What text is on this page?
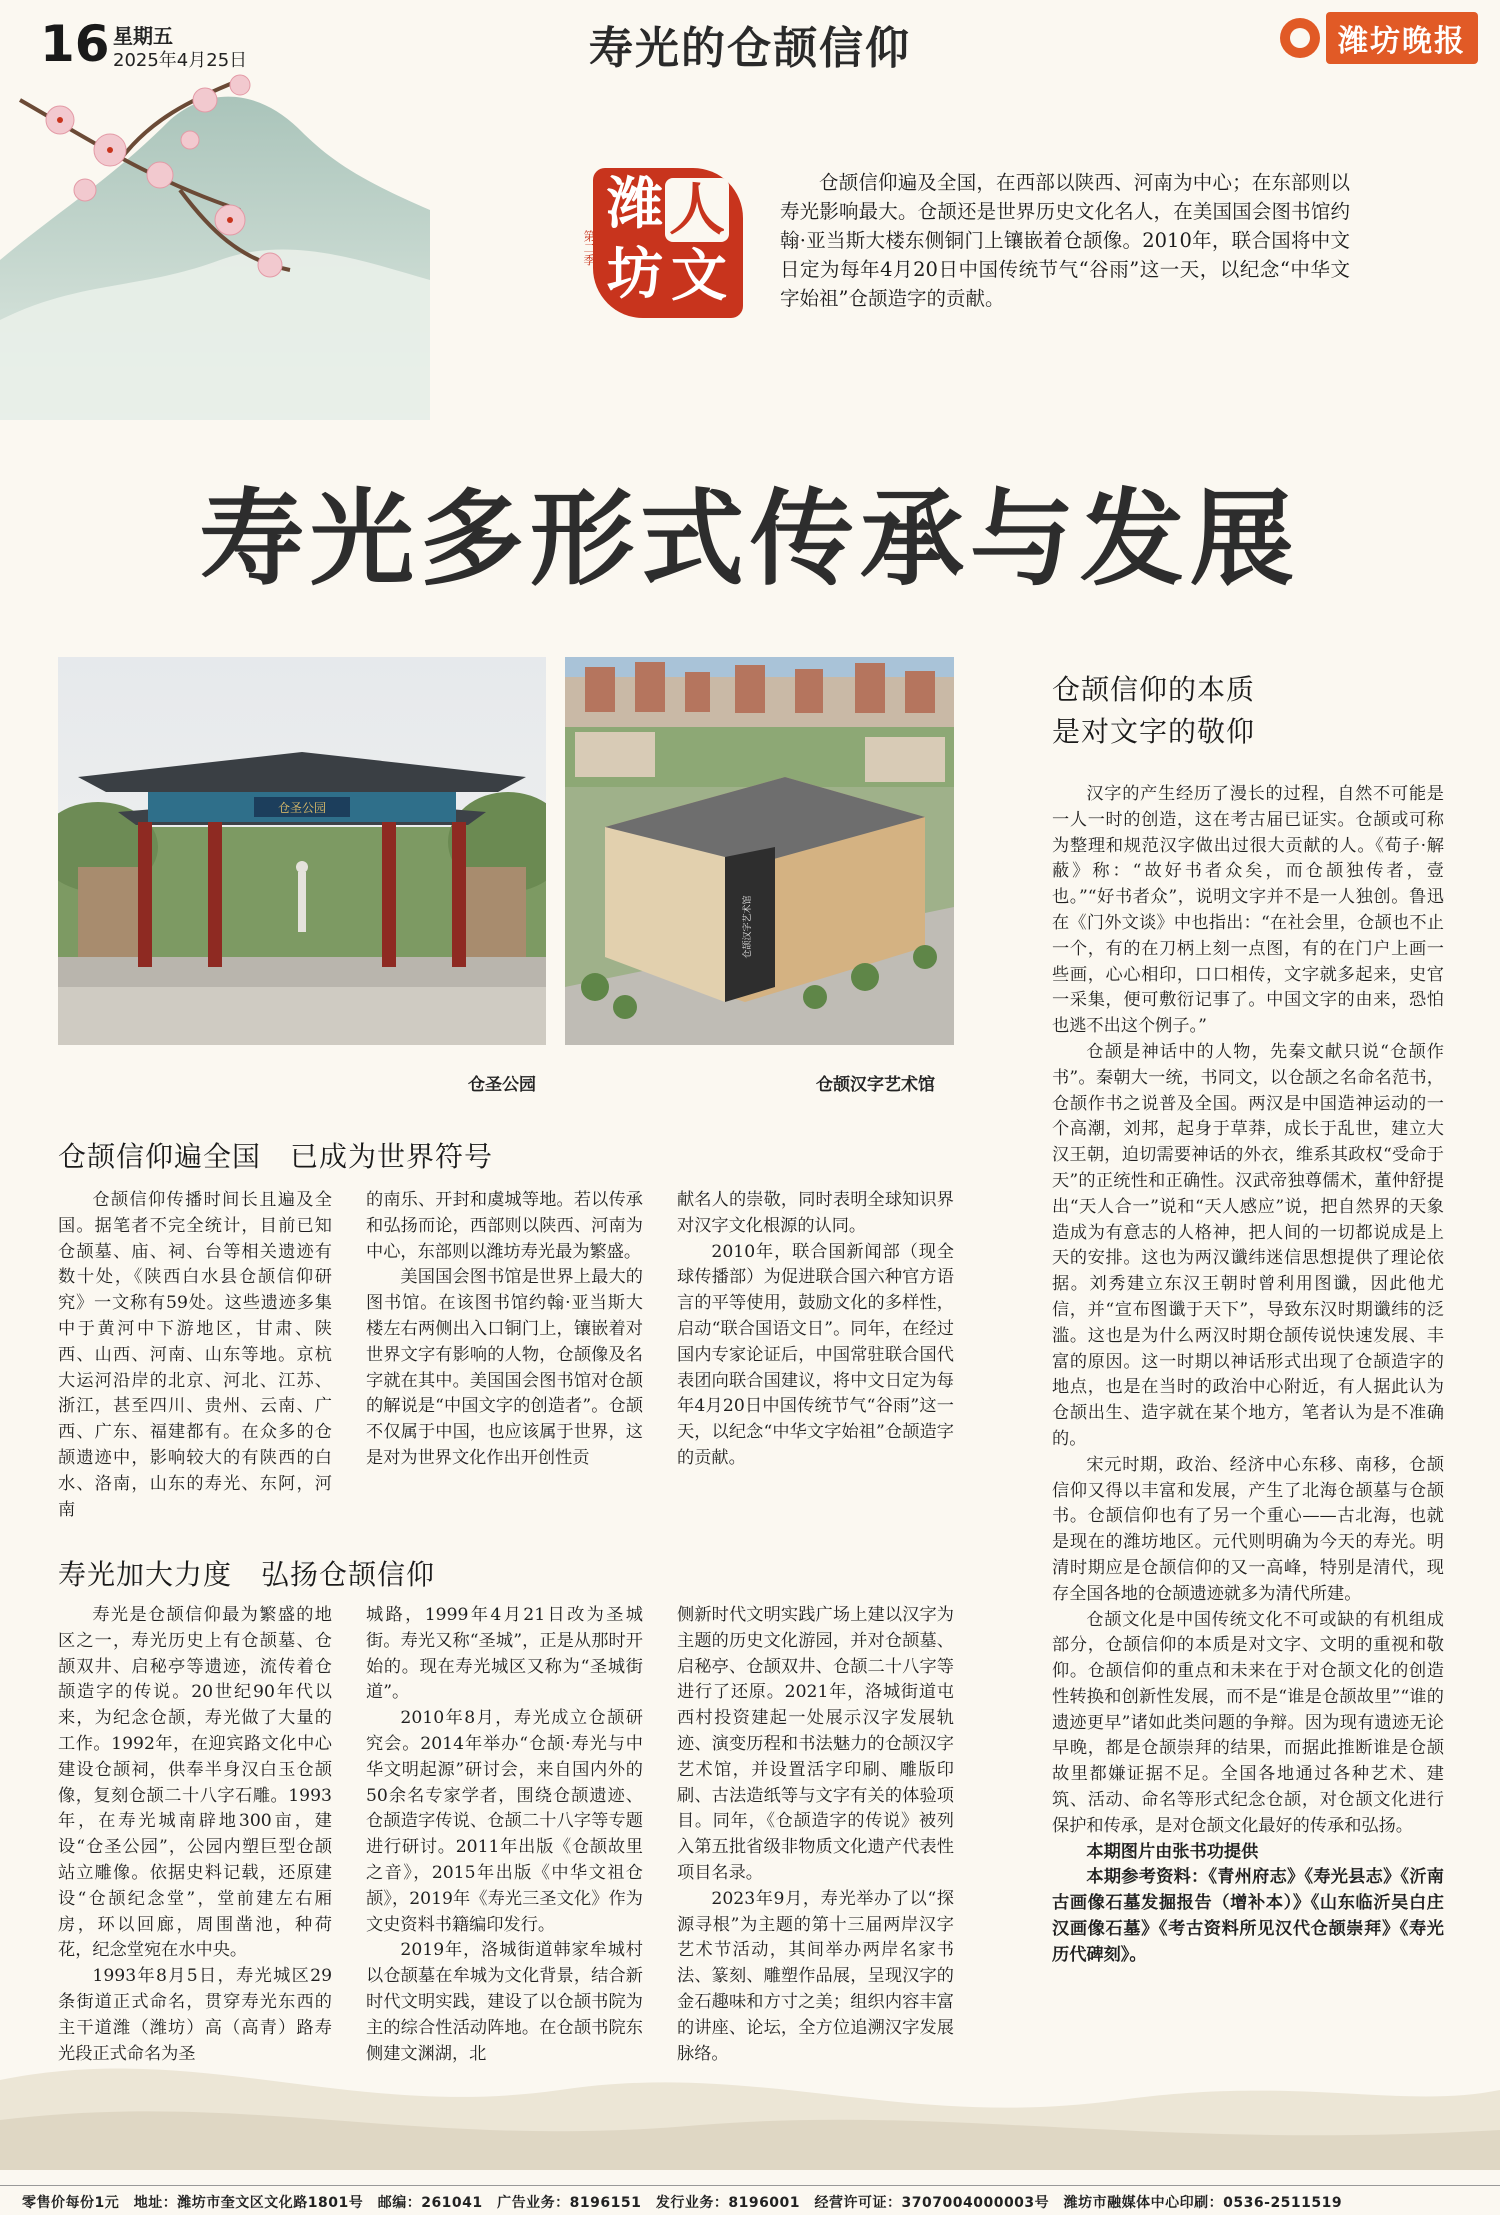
16 星期五
2025年4月25日	寿光的仓颉信仰	潍坊晚报
潍 人
坊 文
第二季
仓颉信仰遍及全国，在西部以陕西、河南为中心；在东部则以寿光影响最大。仓颉还是世界历史文化名人，在美国国会图书馆约翰·亚当斯大楼东侧铜门上镶嵌着仓颉像。2010年，联合国将中文日定为每年4月20日中国传统节气“谷雨”这一天，以纪念“中华文字始祖”仓颉造字的贡献。
寿光多形式传承与发展
仓圣公园
仓颉汉字艺术馆
仓圣公园	仓颉汉字艺术馆
仓颉信仰遍全国　已成为世界符号

仓颉信仰传播时间长且遍及全国。据笔者不完全统计，目前已知仓颉墓、庙、祠、台等相关遗迹有数十处，《陕西白水县仓颉信仰研究》一文称有59处。这些遗迹多集中于黄河中下游地区，甘肃、陕西、山西、河南、山东等地。京杭大运河沿岸的北京、河北、江苏、浙江，甚至四川、贵州、云南、广西、广东、福建都有。在众多的仓颉遗迹中，影响较大的有陕西的白水、洛南，山东的寿光、东阿，河南

的南乐、开封和虞城等地。若以传承和弘扬而论，西部则以陕西、河南为中心，东部则以潍坊寿光最为繁盛。

美国国会图书馆是世界上最大的图书馆。在该图书馆约翰·亚当斯大楼左右两侧出入口铜门上，镶嵌着对世界文字有影响的人物，仓颉像及名字就在其中。美国国会图书馆对仓颉的解说是“中国文字的创造者”。仓颉不仅属于中国，也应该属于世界，这是对为世界文化作出开创性贡

献名人的崇敬，同时表明全球知识界对汉字文化根源的认同。

2010年，联合国新闻部（现全球传播部）为促进联合国六种官方语言的平等使用，鼓励文化的多样性，启动“联合国语文日”。同年，在经过国内专家论证后，中国常驻联合国代表团向联合国建议，将中文日定为每年4月20日中国传统节气“谷雨”这一天，以纪念“中华文字始祖”仓颉造字的贡献。

寿光加大力度　弘扬仓颉信仰

寿光是仓颉信仰最为繁盛的地区之一，寿光历史上有仓颉墓、仓颉双井、启秘亭等遗迹，流传着仓颉造字的传说。20世纪90年代以来，为纪念仓颉，寿光做了大量的工作。1992年，在迎宾路文化中心建设仓颉祠，供奉半身汉白玉仓颉像，复刻仓颉二十八字石雕。1993年，在寿光城南辟地300亩，建设“仓圣公园”，公园内塑巨型仓颉站立雕像。依据史料记载，还原建设“仓颉纪念堂”，堂前建左右厢房，环以回廊，周围凿池，种荷花，纪念堂宛在水中央。

1993年8月5日，寿光城区29条街道正式命名，贯穿寿光东西的主干道潍（潍坊）高（高青）路寿光段正式命名为圣

城路，1999年4月21日改为圣城街。寿光又称“圣城”，正是从那时开始的。现在寿光城区又称为“圣城街道”。

2010年8月，寿光成立仓颉研究会。2014年举办“仓颉·寿光与中华文明起源”研讨会，来自国内外的50余名专家学者，围绕仓颉遗迹、仓颉造字传说、仓颉二十八字等专题进行研讨。2011年出版《仓颉故里之音》，2015年出版《中华文祖仓颉》，2019年《寿光三圣文化》作为文史资料书籍编印发行。

2019年，洛城街道韩家牟城村以仓颉墓在牟城为文化背景，结合新时代文明实践，建设了以仓颉书院为主的综合性活动阵地。在仓颉书院东侧建文渊湖，北

侧新时代文明实践广场上建以汉字为主题的历史文化游园，并对仓颉墓、启秘亭、仓颉双井、仓颉二十八字等进行了还原。2021年，洛城街道屯西村投资建起一处展示汉字发展轨迹、演变历程和书法魅力的仓颉汉字艺术馆，并设置活字印刷、雕版印刷、古法造纸等与文字有关的体验项目。同年，《仓颉造字的传说》被列入第五批省级非物质文化遗产代表性项目名录。

2023年9月，寿光举办了以“探源寻根”为主题的第十三届两岸汉字艺术节活动，其间举办两岸名家书法、篆刻、雕塑作品展，呈现汉字的金石趣味和方寸之美；组织内容丰富的讲座、论坛，全方位追溯汉字发展脉络。

仓颉信仰的本质
是对文字的敬仰

汉字的产生经历了漫长的过程，自然不可能是一人一时的创造，这在考古届已证实。仓颉或可称为整理和规范汉字做出过很大贡献的人。《荀子·解蔽》称：“故好书者众矣，而仓颉独传者，壹也。”“好书者众”，说明文字并不是一人独创。鲁迅在《门外文谈》中也指出：“在社会里，仓颉也不止一个，有的在刀柄上刻一点图，有的在门户上画一些画，心心相印，口口相传，文字就多起来，史官一采集，便可敷衍记事了。中国文字的由来，恐怕也逃不出这个例子。”

仓颉是神话中的人物，先秦文献只说“仓颉作书”。秦朝大一统，书同文，以仓颉之名命名范书，仓颉作书之说普及全国。两汉是中国造神运动的一个高潮，刘邦，起身于草莽，成长于乱世，建立大汉王朝，迫切需要神话的外衣，维系其政权“受命于天”的正统性和正确性。汉武帝独尊儒术，董仲舒提出“天人合一”说和“天人感应”说，把自然界的天象造成为有意志的人格神，把人间的一切都说成是上天的安排。这也为两汉谶纬迷信思想提供了理论依据。刘秀建立东汉王朝时曾利用图谶，因此他尤信，并“宣布图谶于天下”，导致东汉时期谶纬的泛滥。这也是为什么两汉时期仓颉传说快速发展、丰富的原因。这一时期以神话形式出现了仓颉造字的地点，也是在当时的政治中心附近，有人据此认为仓颉出生、造字就在某个地方，笔者认为是不准确的。

宋元时期，政治、经济中心东移、南移，仓颉信仰又得以丰富和发展，产生了北海仓颉墓与仓颉书。仓颉信仰也有了另一个重心——古北海，也就是现在的潍坊地区。元代则明确为今天的寿光。明清时期应是仓颉信仰的又一高峰，特别是清代，现存全国各地的仓颉遗迹就多为清代所建。

仓颉文化是中国传统文化不可或缺的有机组成部分，仓颉信仰的本质是对文字、文明的重视和敬仰。仓颉信仰的重点和未来在于对仓颉文化的创造性转换和创新性发展，而不是“谁是仓颉故里”“谁的遗迹更早”诸如此类问题的争辩。因为现有遗迹无论早晚，都是仓颉崇拜的结果，而据此推断谁是仓颉故里都嫌证据不足。全国各地通过各种艺术、建筑、活动、命名等形式纪念仓颉，对仓颉文化进行保护和传承，是对仓颉文化最好的传承和弘扬。

本期图片由张书功提供

本期参考资料：《青州府志》《寿光县志》《沂南古画像石墓发掘报告（增补本）》《山东临沂吴白庄汉画像石墓》《考古资料所见汉代仓颉崇拜》《寿光历代碑刻》。

零售价每份1元　地址：潍坊市奎文区文化路1801号　邮编：261041　广告业务：8196151　发行业务：8196001　经营许可证：3707004000003号　潍坊市融媒体中心印刷：0536-2511519
